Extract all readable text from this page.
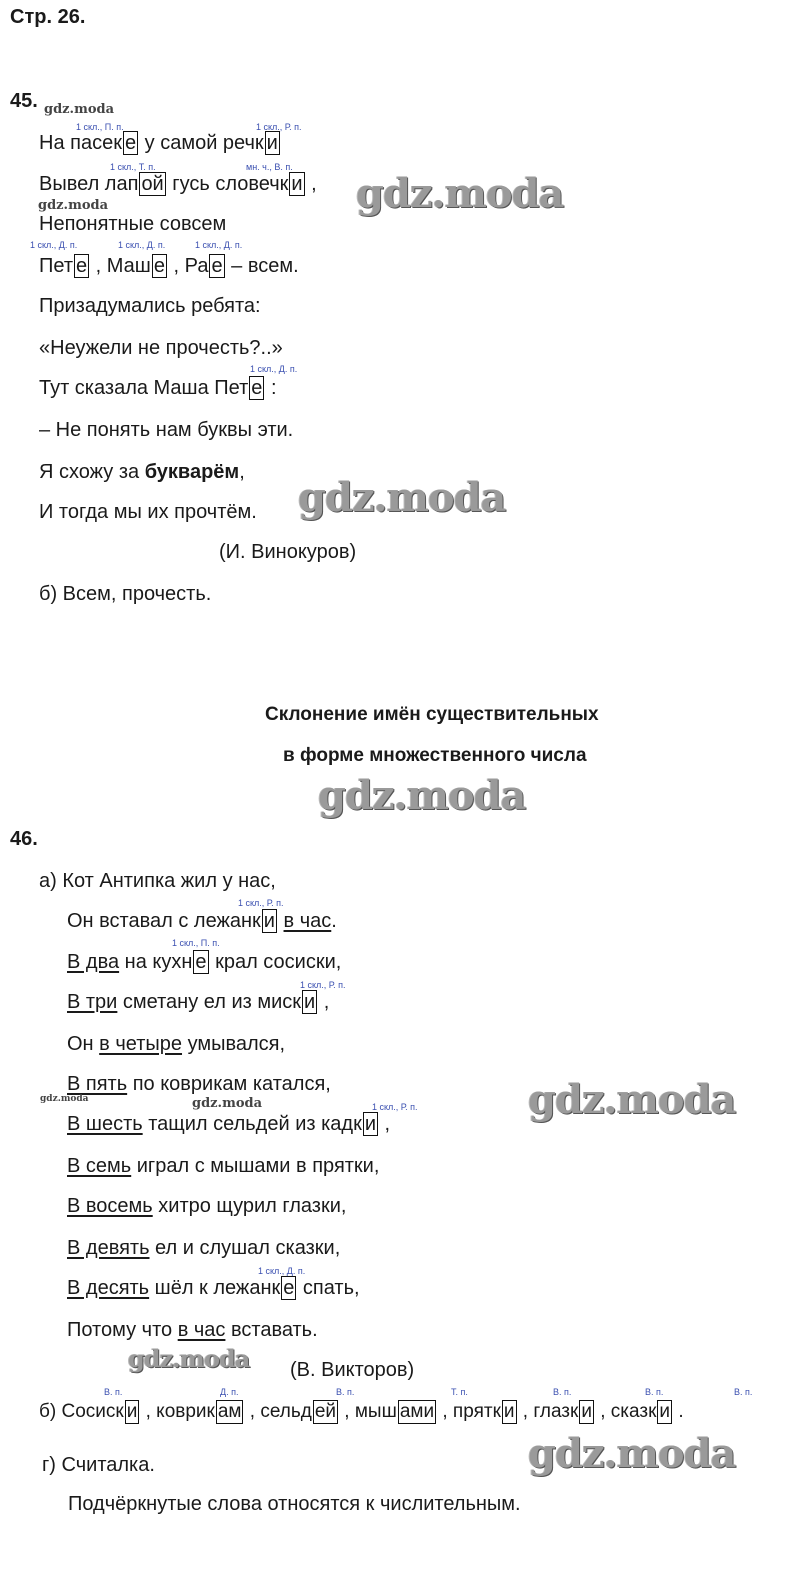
Стр. 26.
45. gdz.moda
1 скл., П. п.	1 скл., Р. п.
На пасек е у самой речк и
1 скл., Т. п.	мн. ч., В. п.
Вывел лап ой гусь словечк и , gdz.moda
gdz.moda
Непонятные совсем
1 скл., Д. п.	1 скл., Д. п.	1 скл., Д. п.
Пет е , Маш е , Ра е – всем.
Призадумались ребята:
«Неужели не прочесть?..»
1 скл., Д. п.
Тут сказала Маша Пет е :
– Не понять нам буквы эти.
Я схожу за букварём,
И тогда мы их прочтём. gdz.moda
(И. Винокуров)
б) Всем, прочесть.
Склонение имён существительных
в форме множественного числа
gdz.moda
46.
а) Кот Антипка жил у нас,
1 скл., Р. п.
Он вставал с лежанк и в час.
1 скл., П. п.
В два на кухн е крал сосиски,
1 скл., Р. п.
В три сметану ел из миск и ,
Он в четыре умывался,
В пять по коврикам катался,
gdz.moda	gdz.moda	gdz.moda
1 скл., Р. п.
В шесть тащил сельдей из кадк и ,
В семь играл с мышами в прятки,
В восемь хитро щурил глазки,
В девять ел и слушал сказки,
1 скл., Д. п.
В десять шёл к лежанк е спать,
Потому что в час вставать.
gdz.moda (В. Викторов)
В. п.	Д. п.	В. п.	Т. п.	В. п.	В. п.	В. п.
б) Сосиск и , коврик ам , сельд ей , мыш ами , прятк и , глазк и , сказк и .
г) Считалка.	gdz.moda
Подчёркнутые слова относятся к числительным.
